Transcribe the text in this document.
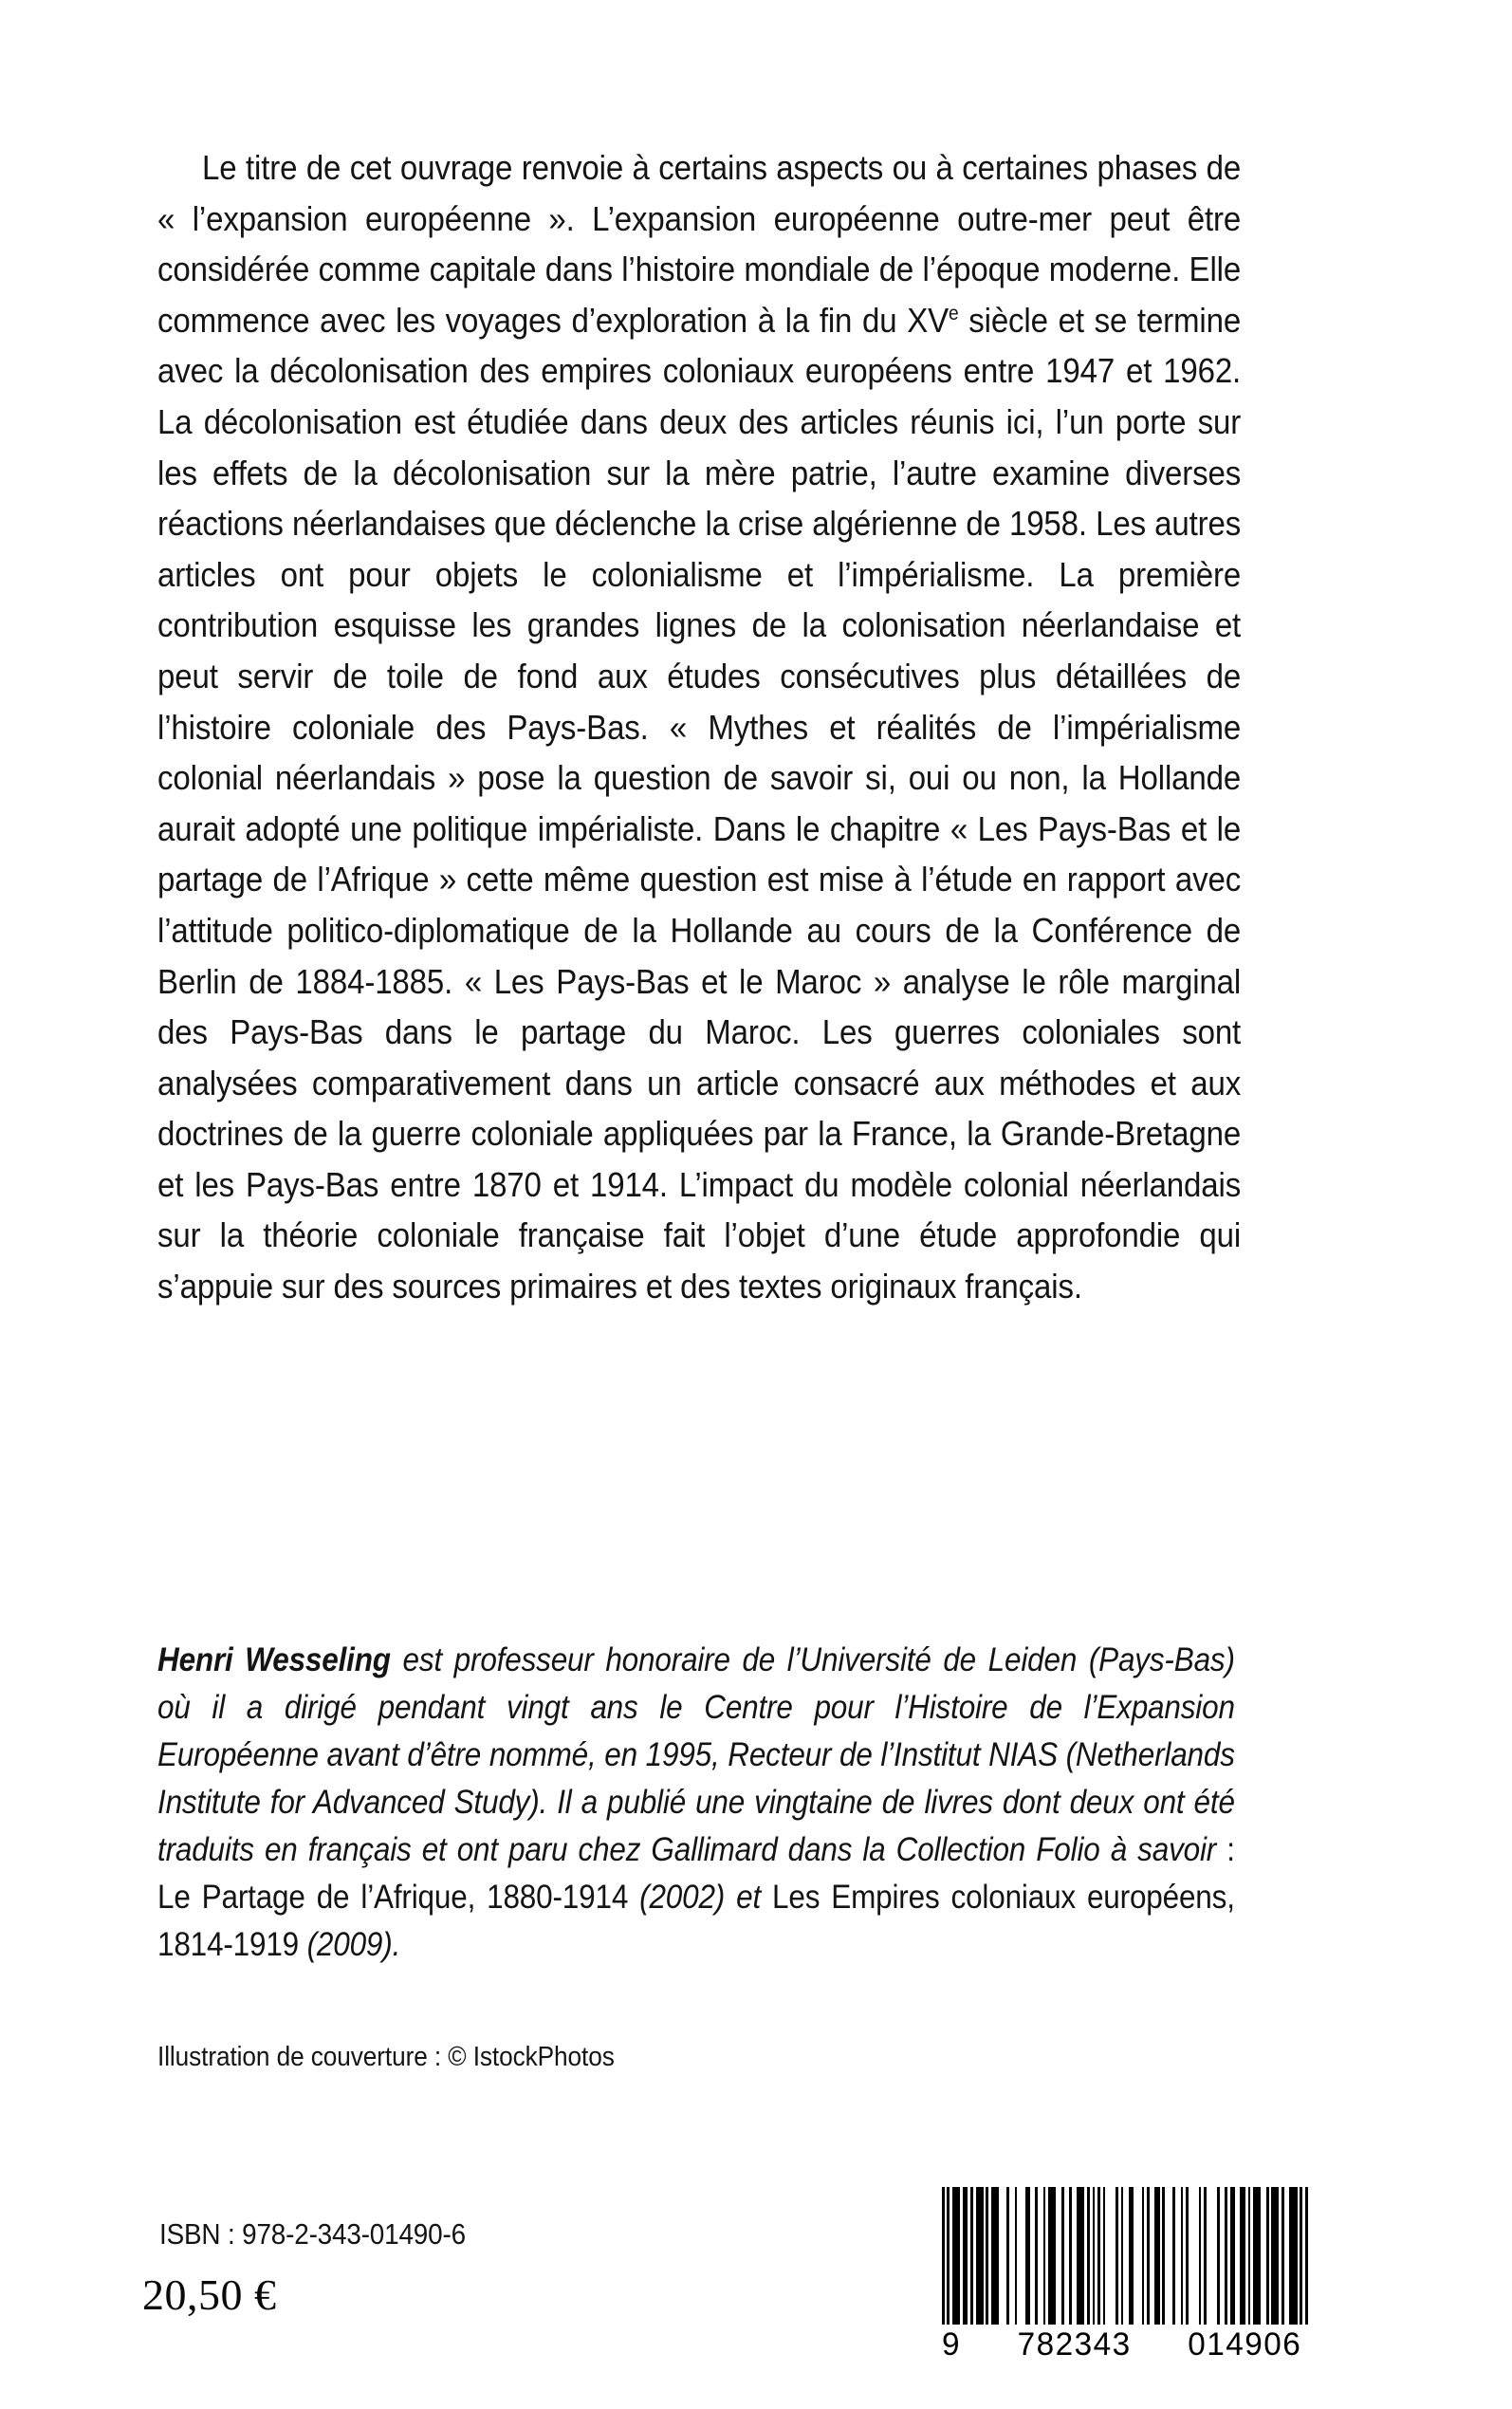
Le titre de cet ouvrage renvoie à certains aspects ou à certaines phases de « l’expansion européenne ». L’expansion européenne outre-mer peut être considérée comme capitale dans l’histoire mondiale de l’époque moderne. Elle commence avec les voyages d’exploration à la fin du XVe siècle et se termine avec la décolonisation des empires coloniaux européens entre 1947 et 1962. La décolonisation est étudiée dans deux des articles réunis ici, l’un porte sur les effets de la décolonisation sur la mère patrie, l’autre examine diverses réactions néerlandaises que déclenche la crise algérienne de 1958. Les autres articles ont pour objets le colonialisme et l’impérialisme. La première contribution esquisse les grandes lignes de la colonisation néerlandaise et peut servir de toile de fond aux études consécutives plus détaillées de l’histoire coloniale des Pays-Bas. « Mythes et réalités de l’impérialisme colonial néerlandais » pose la question de savoir si, oui ou non, la Hollande aurait adopté une politique impérialiste. Dans le chapitre « Les Pays-Bas et le partage de l’Afrique » cette même question est mise à l’étude en rapport avec l’attitude politico-diplomatique de la Hollande au cours de la Conférence de Berlin de 1884-1885. « Les Pays-Bas et le Maroc » analyse le rôle marginal des Pays-Bas dans le partage du Maroc. Les guerres coloniales sont analysées comparativement dans un article consacré aux méthodes et aux doctrines de la guerre coloniale appliquées par la France, la Grande-Bretagne et les Pays-Bas entre 1870 et 1914. L’impact du modèle colonial néerlandais sur la théorie coloniale française fait l’objet d’une étude approfondie qui s’appuie sur des sources primaires et des textes originaux français.
Henri Wesseling est professeur honoraire de l’Université de Leiden (Pays-Bas) où il a dirigé pendant vingt ans le Centre pour l’Histoire de l’Expansion Européenne avant d’être nommé, en 1995, Recteur de l’Institut NIAS (Netherlands Institute for Advanced Study). Il a publié une vingtaine de livres dont deux ont été traduits en français et ont paru chez Gallimard dans la Collection Folio à savoir : Le Partage de l’Afrique, 1880-1914 (2002) et Les Empires coloniaux européens, 1814-1919 (2009).
Illustration de couverture : © IstockPhotos
ISBN : 978-2-343-01490-6
20,50 €
9 782343 014906
